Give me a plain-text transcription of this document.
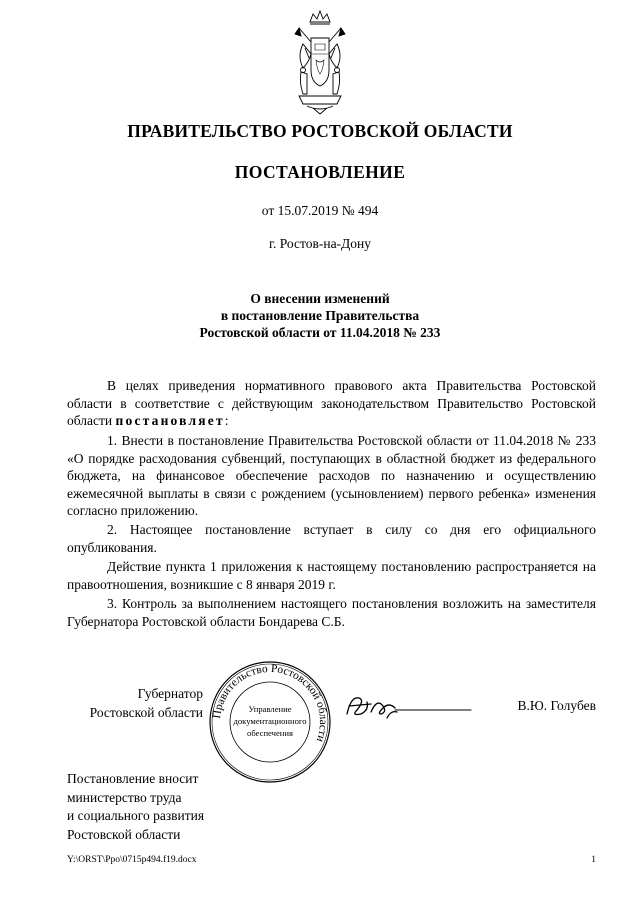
ПРАВИТЕЛЬСТВО РОСТОВСКОЙ ОБЛАСТИ
ПОСТАНОВЛЕНИЕ
от 15.07.2019 № 494
г. Ростов-на-Дону
О внесении изменений
в постановление Правительства
Ростовской области от 11.04.2018 № 233
В целях приведения нормативного правового акта Правительства Ростовской области в соответствие с действующим законодательством Правительство Ростовской области постановляет:
1. Внести в постановление Правительства Ростовской области от 11.04.2018 № 233 «О порядке расходования субвенций, поступающих в областной бюджет из федерального бюджета, на финансовое обеспечение расходов по назначению и осуществлению ежемесячной выплаты в связи с рождением (усыновлением) первого ребенка» изменения согласно приложению.
2. Настоящее постановление вступает в силу со дня его официального опубликования.
Действие пункта 1 приложения к настоящему постановлению распространяется на правоотношения, возникшие с 8 января 2019 г.
3. Контроль за выполнением настоящего постановления возложить на заместителя Губернатора Ростовской области Бондарева С.Б.
Губернатор
Ростовской области Правительство Ростовской области
Управление
документационного
обеспечения
В.Ю. Голубев
Постановление вносит
министерство труда
и социального развития
Ростовской области
Y:\ORST\Ppo\0715p494.f19.docx	1
